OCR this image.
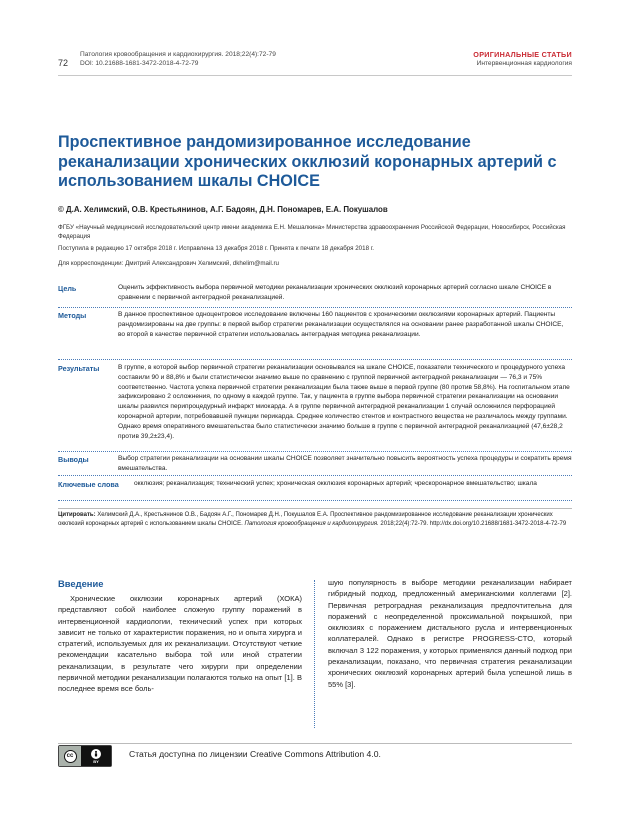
72
Патология кровообращения и кардиохирургия. 2018;22(4):72-79
DOI: 10.21688-1681-3472-2018-4-72-79
ОРИГИНАЛЬНЫЕ СТАТЬИ
Интервенционная кардиология
Проспективное рандомизированное исследование реканализации хронических окклюзий коронарных артерий с использованием шкалы CHOICE
© Д.А. Хелимский, О.В. Крестьянинов, А.Г. Бадоян, Д.Н. Пономарев, Е.А. Покушалов
ФГБУ «Научный медицинский исследовательский центр имени академика Е.Н. Мешалкина» Министерства здравоохранения Российской Федерации, Новосибирск, Российская Федерация
Поступила в редакцию 17 октября 2018 г. Исправлена 13 декабря 2018 г. Принята к печати 18 декабря 2018 г.
Для корреспонденции: Дмитрий Александрович Хелимский, dkhelim@mail.ru
Цель	Оценить эффективность выбора первичной методики реканализации хронических окклюзий коронарных артерий согласно шкале CHOICE в сравнении с первичной антеградной реканализацией.
Методы	В данное проспективное одноцентровое исследование включены 160 пациентов с хроническими окклюзиями коронарных артерий. Пациенты рандомизированы на две группы: в первой выбор стратегии реканализации осуществлялся на основании ранее разработанной шкалы CHOICE, во второй в качестве первичной стратегии использовалась антеградная методика реканализации.
Результаты	В группе, в которой выбор первичной стратегии реканализации основывался на шкале CHOICE, показатели технического и процедурного успеха составили 90 и 88,8% и были статистически значимо выше по сравнению с группой первичной антеградной реканализации — 76,3 и 75% соответственно. Частота успеха первичной стратегии реканализации была также выше в первой группе (80 против 58,8%). На госпитальном этапе зафиксировано 2 осложнения, по одному в каждой группе. Так, у пациента в группе выбора первичной стратегии реканализации на основании шкалы развился перипроцедурный инфаркт миокарда. А в группе первичной антеградной реканализации 1 случай осложнился перфорацией коронарной артерии, потребовавшей пункции перикарда. Среднее количество стентов и контрастного вещества не различалось между группами. Однако время оперативного вмешательства было статистически значимо больше в группе с первичной антеградной реканализацией (47,6±28,2 против 39,2±23,4).
Выводы	Выбор стратегии реканализации на основании шкалы CHOICE позволяет значительно повысить вероятность успеха процедуры и сократить время вмешательства.
Ключевые слова	окклюзия; реканализация; технический успех; хроническая окклюзия коронарных артерий; чрескоронарное вмешательство; шкала
Цитировать: Хелимский Д.А., Крестьянинов О.В., Бадоян А.Г., Пономарев Д.Н., Покушалов Е.А. Проспективное рандомизированное исследование реканализации хронических окклюзий коронарных артерий с использованием шкалы CHOICE. Патология кровообращения и кардиохирургия. 2018;22(4):72-79. http://dx.doi.org/10.21688/1681-3472-2018-4-72-79
Введение
Хронические окклюзии коронарных артерий (ХОКА) представляют собой наиболее сложную группу поражений в интервенционной кардиологии, технический успех при которых зависит не только от характеристик поражения, но и опыта хирурга и стратегий, используемых для их реканализации. Отсутствуют четкие рекомендации касательно выбора той или иной стратегии реканализации, в результате чего хирурги при определении первичной методики реканализации полагаются только на опыт [1]. В последнее время все боль-
шую популярность в выборе методики реканализации набирает гибридный подход, предложенный американскими коллегами [2]. Первичная ретроградная реканализация предпочтительна для поражений с неопределенной проксимальной покрышкой, при окклюзиях с поражением дистального русла и интервенционных коллатералей. Однако в регистре PROGRESS-CTO, который включал 3 122 поражения, у которых применялся данный подход при реканализации, показано, что первичная стратегия реканализации хронических окклюзий коронарных артерий была успешной лишь в 55% [3].
cc
BY
Статья доступна по лицензии Creative Commons Attribution 4.0.
